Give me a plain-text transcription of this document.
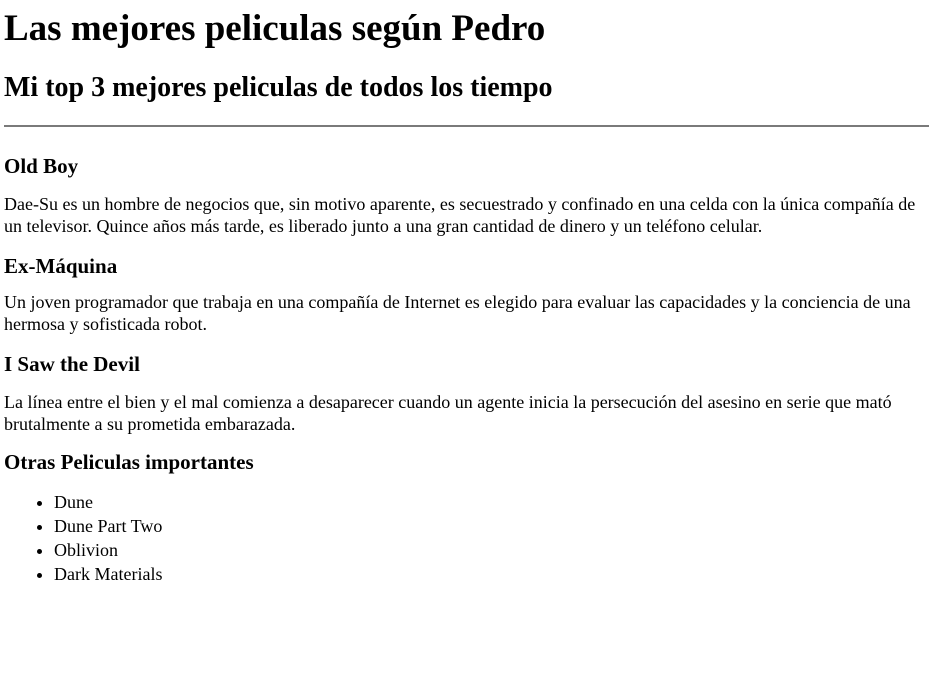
Las mejores peliculas según Pedro
Mi top 3 mejores peliculas de todos los tiempo
Old Boy

Dae-Su es un hombre de negocios que, sin motivo aparente, es secuestrado y confinado en una celda con la única compañía de un televisor. Quince años más tarde, es liberado junto a una gran cantidad de dinero y un teléfono celular.

Ex-Máquina

Un joven programador que trabaja en una compañía de Internet es elegido para evaluar las capacidades y la conciencia de una hermosa y sofisticada robot.

I Saw the Devil

La línea entre el bien y el mal comienza a desaparecer cuando un agente inicia la persecución del asesino en serie que mató brutalmente a su prometida embarazada.

Otras Peliculas importantes
• Dune
• Dune Part Two
• Oblivion
• Dark Materials
